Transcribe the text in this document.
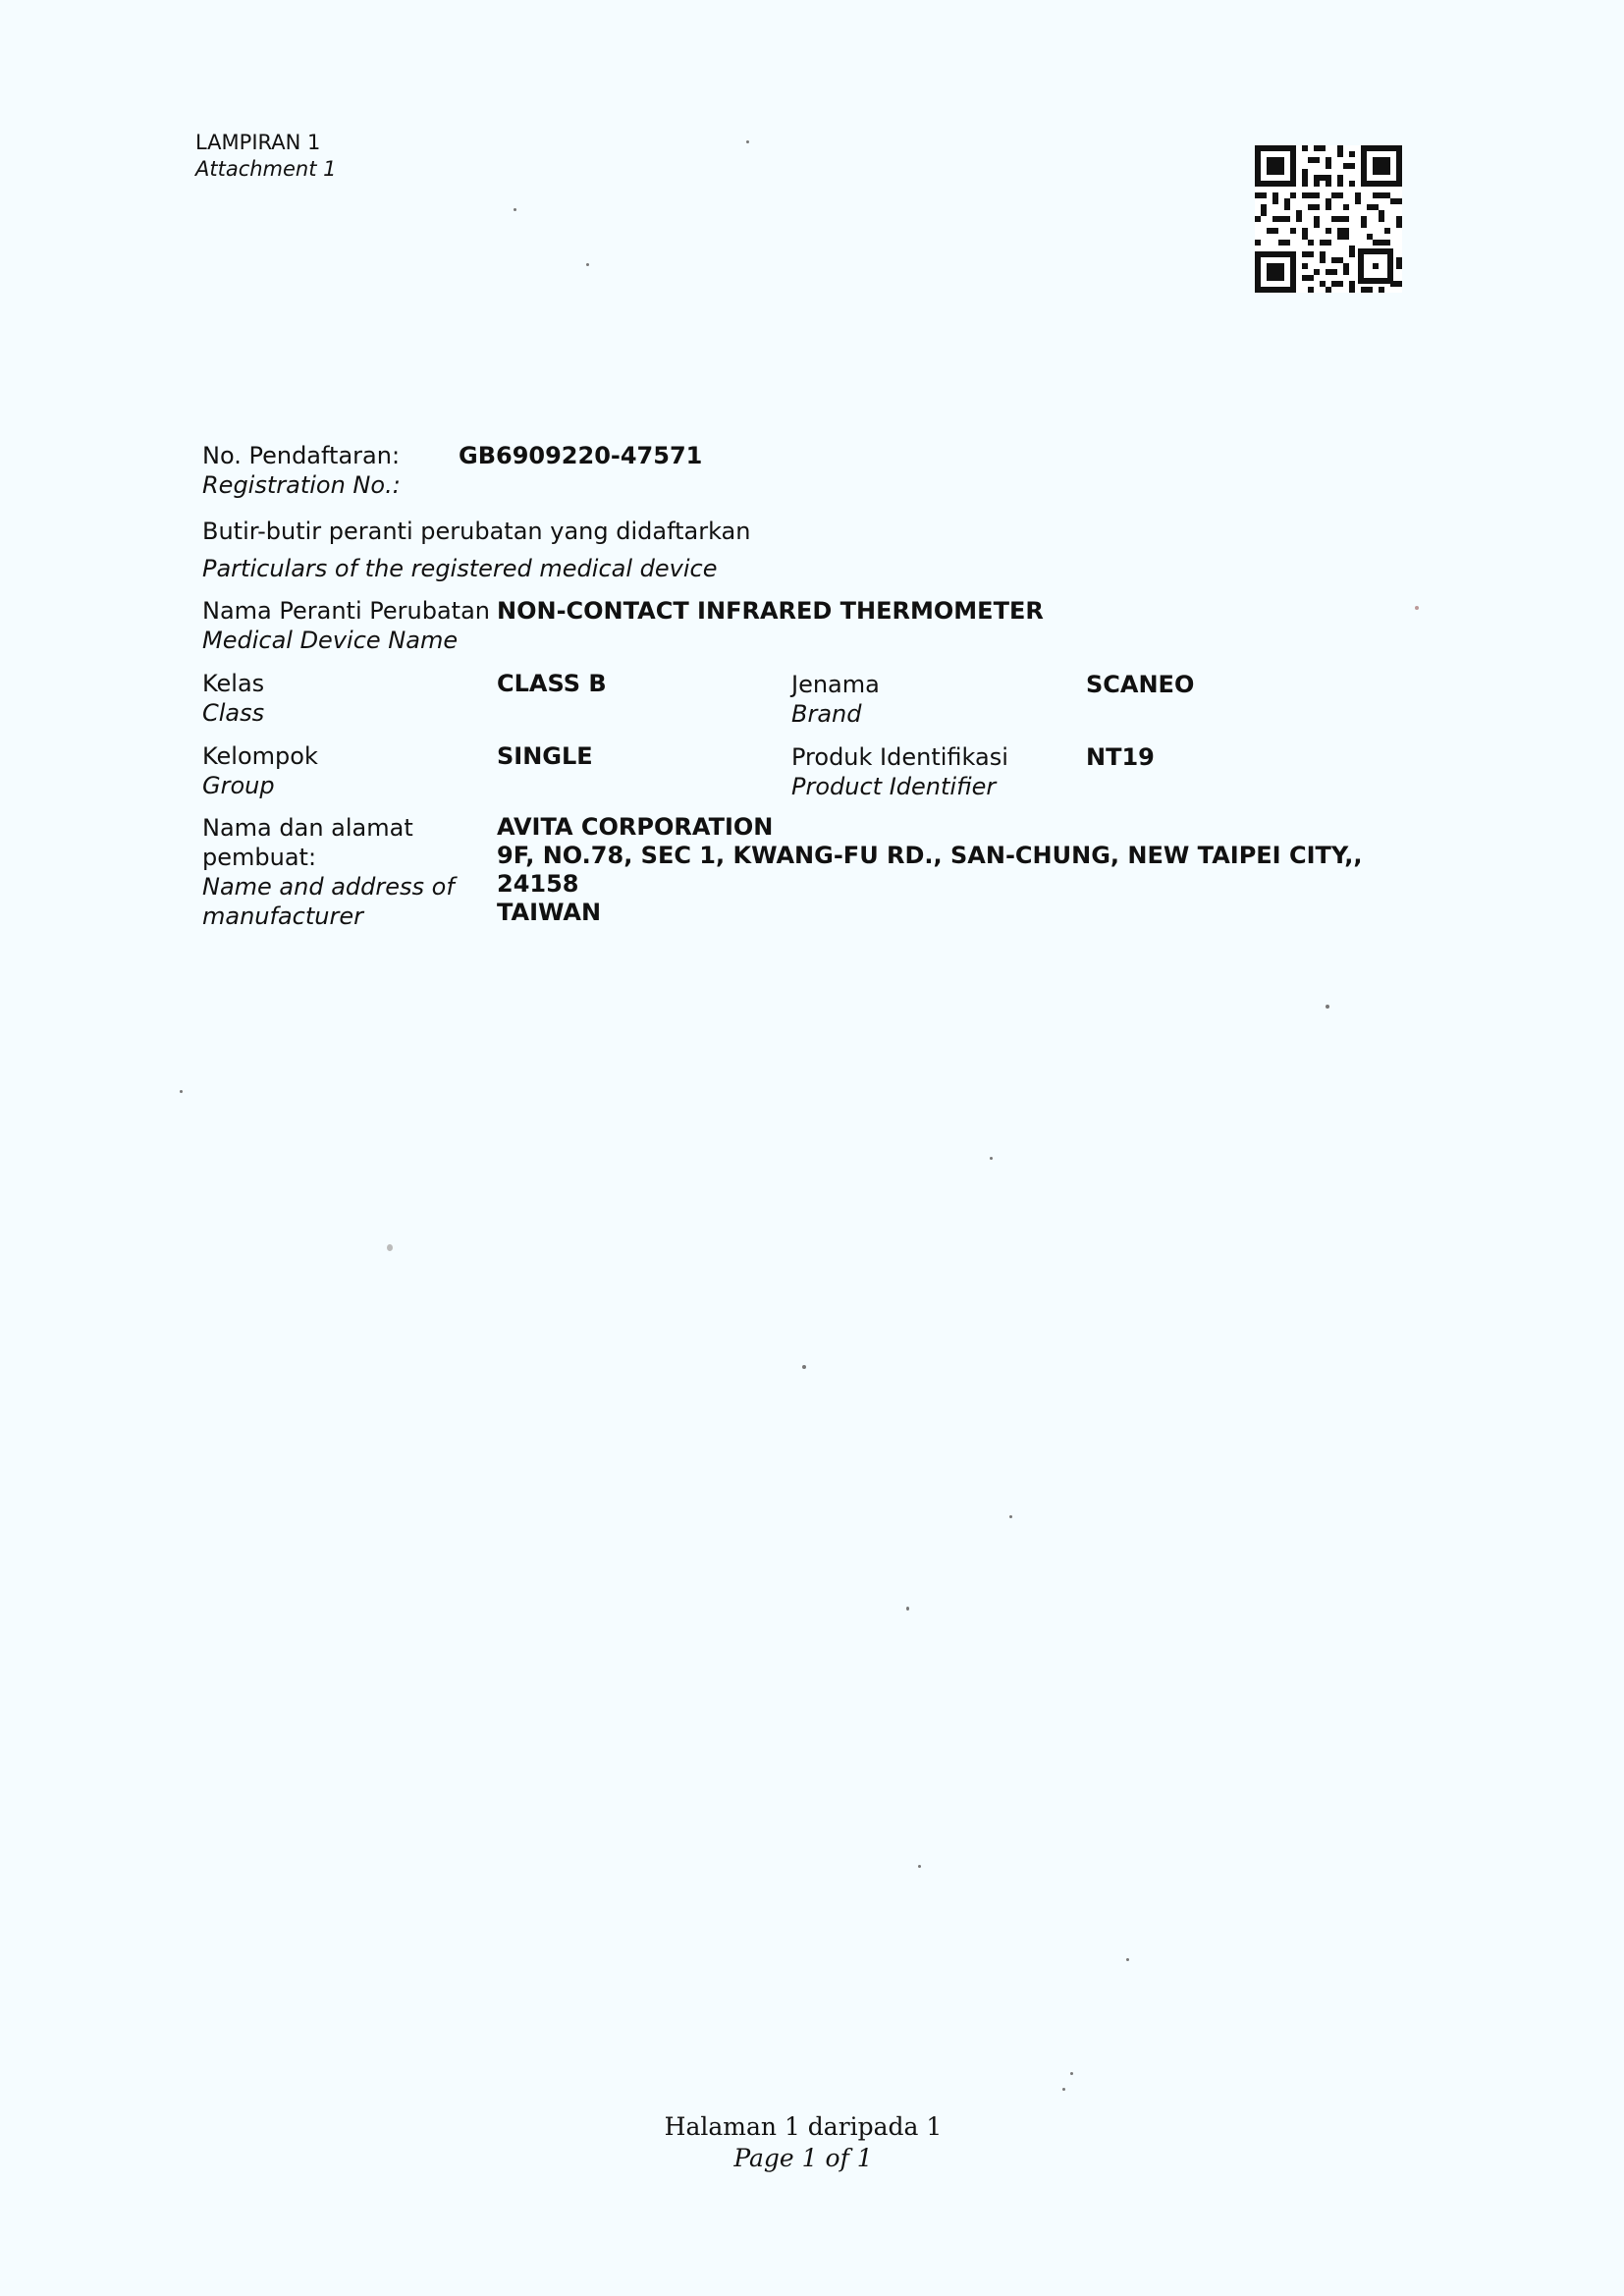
LAMPIRAN 1
Attachment 1
No. Pendaftaran:
Registration No.:
GB6909220-47571
Butir-butir peranti perubatan yang didaftarkan
Particulars of the registered medical device
Nama Peranti Perubatan
Medical Device Name
NON-CONTACT INFRARED THERMOMETER
Kelas
Class
CLASS B	Jenama
Brand
SCANEO
Kelompok
Group
SINGLE	Produk Identifikasi
Product Identifier
NT19
Nama dan alamat
pembuat:
Name and address of
manufacturer
AVITA CORPORATION
9F, NO.78, SEC 1, KWANG-FU RD., SAN-CHUNG, NEW TAIPEI CITY,,
24158
TAIWAN
Halaman 1 daripada 1
Page 1 of 1
